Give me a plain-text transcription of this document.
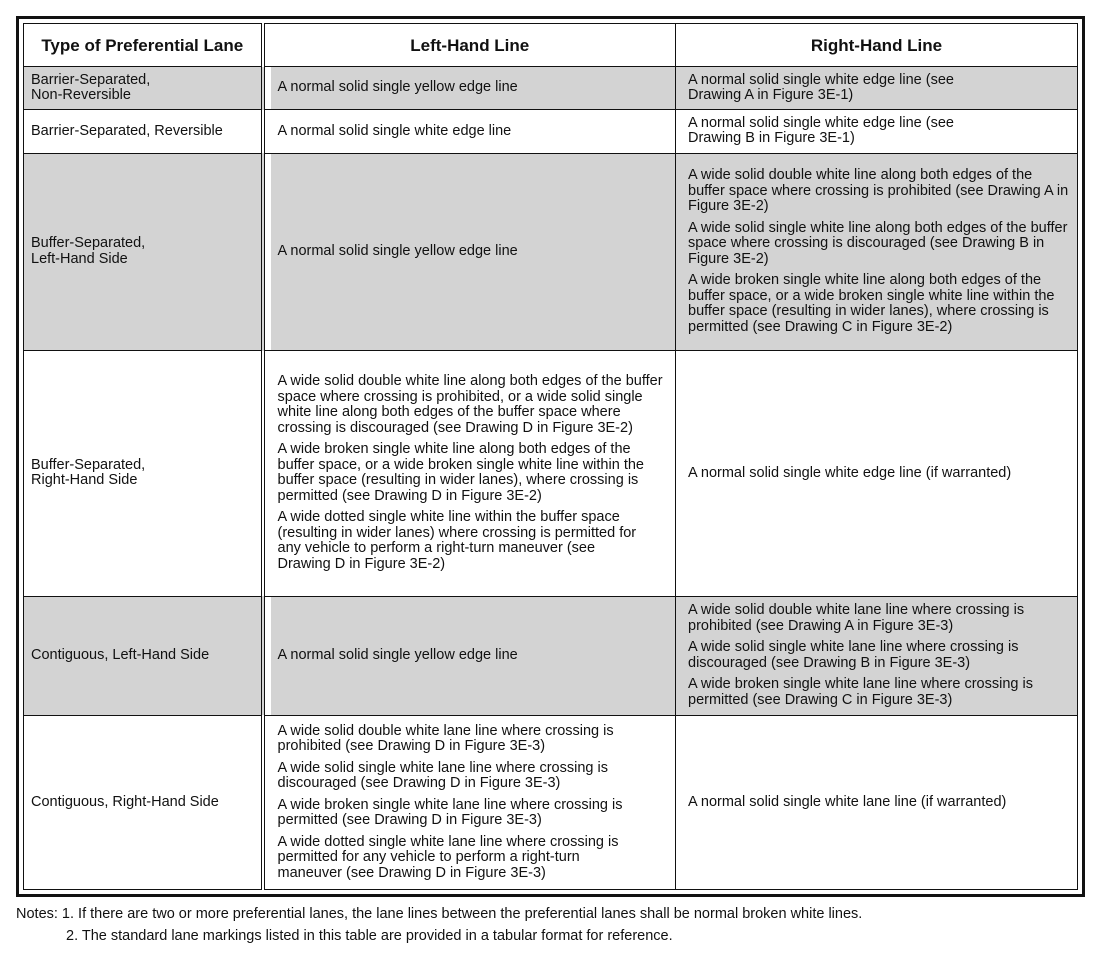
Type of Preferential Lane	Left-Hand Line	Right-Hand Line

Barrier-Separated, Non-Reversible	A normal solid single yellow edge line	A normal solid single white edge line (see Drawing A in Figure 3E-1)

Barrier-Separated, Reversible	A normal solid single white edge line	A normal solid single white edge line (see Drawing B in Figure 3E-1)

Buffer-Separated, Left-Hand Side	A normal solid single yellow edge line	A wide solid double white line along both edges of the buffer space where crossing is prohibited (see Drawing A in Figure 3E-2)

A wide solid single white line along both edges of the buffer space where crossing is discouraged (see Drawing B in Figure 3E-2)

A wide broken single white line along both edges of the buffer space, or a wide broken single white line within the buffer space (resulting in wider lanes), where crossing is permitted (see Drawing C in Figure 3E-2)

Buffer-Separated, Right-Hand Side	A wide solid double white line along both edges of the buffer space where crossing is prohibited, or a wide solid single white line along both edges of the buffer space where crossing is discouraged (see Drawing D in Figure 3E-2)

A wide broken single white line along both edges of the buffer space, or a wide broken single white line within the buffer space (resulting in wider lanes), where crossing is permitted (see Drawing D in Figure 3E-2)

A wide dotted single white line within the buffer space (resulting in wider lanes) where crossing is permitted for any vehicle to perform a right-turn maneuver (see Drawing D in Figure 3E-2)	A normal solid single white edge line (if warranted)

Contiguous, Left-Hand Side	A normal solid single yellow edge line	A wide solid double white lane line where crossing is prohibited (see Drawing A in Figure 3E-3)

A wide solid single white lane line where crossing is discouraged (see Drawing B in Figure 3E-3)

A wide broken single white lane line where crossing is permitted (see Drawing C in Figure 3E-3)

Contiguous, Right-Hand Side	A wide solid double white lane line where crossing is prohibited (see Drawing D in Figure 3E-3)

A wide solid single white lane line where crossing is discouraged (see Drawing D in Figure 3E-3)

A wide broken single white lane line where crossing is permitted (see Drawing D in Figure 3E-3)

A wide dotted single white lane line where crossing is permitted for any vehicle to perform a right-turn maneuver (see Drawing D in Figure 3E-3)	A normal solid single white lane line (if warranted)

Notes: 1. If there are two or more preferential lanes, the lane lines between the preferential lanes shall be normal broken white lines.
2. The standard lane markings listed in this table are provided in a tabular format for reference.
